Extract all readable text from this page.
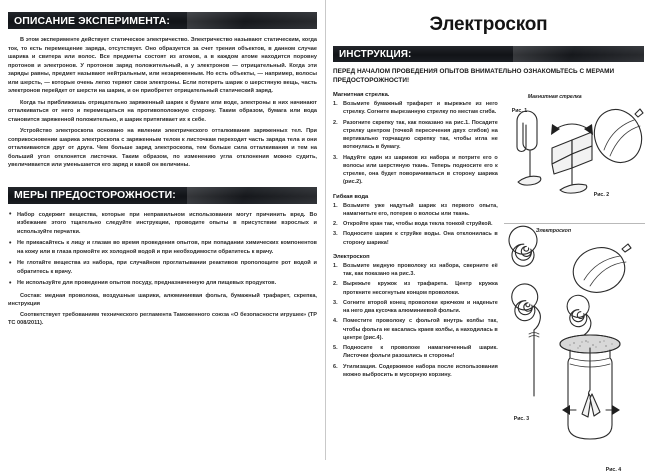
ОПИСАНИЕ ЭКСПЕРИМЕНТА:

В этом эксперименте действует статическое электричество. Электричество называют статическим, когда ток, то есть перемещение заряда, отсутствует. Оно образуется за счет трения объектов, в данном случае шарика и свитера или волос. Все предметы состоят из атомов, а в каждом атоме находится поровну протонов и электронов. У протонов заряд положительный, а у электронов — отрицательный. Когда эти заряды равны, предмет называют нейтральным, или незаряженным. Но есть объекты, — например, волосы или шерсть, — которые очень легко теряют свои электроны. Если потереть шарик о шерстяную вещь, часть электронов перейдет от шерсти на шарик, и он приобретет отрицательный статический заряд.

Когда ты приближаешь отрицательно заряженный шарик к бумаге или воде, электроны в них начинают отталкиваться от него и перемещаться на противоположную сторону. Таким образом, бумага или вода становится заряженной положительно, и шарик притягивает их к себе.

Устройство электроскопа основано на явлении электрического отталкивания заряженных тел. При соприкосновении шарика электроскопа с заряженным телом к листочкам переходит часть заряда тела и они отталкиваются друг от друга. Чем больше заряд электроскопа, тем больше сила отталкивания и тем на больший угол отклонятся листочки. Таким образом, по изменению угла отклонения можно судить, увеличивается или уменьшается его заряд и какой он величины.

МЕРЫ ПРЕДОСТОРОЖНОСТИ:
• Набор содержит вещества, которые при неправильном использовании могут причинить вред. Во избежание этого тщательно следуйте инструкции, проводите опыты в присутствии взрослых и используйте перчатки.
• Не прикасайтесь к лицу и глазам во время проведения опытов, при попадании химических компонентов на кожу или в глаза промойте их холодной водой и при необходимости обратитесь к врачу.
• Не глотайте вещества из набора, при случайном проглатывании реактивов прополощите рот водой и обратитесь к врачу.
• Не используйте для проведения опытов посуду, предназначенную для пищевых продуктов.

Состав: медная проволока, воздушные шарики, алюминиевая фольга, бумажный трафарет, скрепка, инструкция

Соответствует требованиям технического регламента Таможенного союза «О безопасности игрушек» (ТР ТС 008/2011).

Электроскоп
ИНСТРУКЦИЯ:
ПЕРЕД НАЧАЛОМ ПРОВЕДЕНИЯ ОПЫТОВ ВНИМАТЕЛЬНО ОЗНАКОМЬТЕСЬ С МЕРАМИ ПРЕДОСТОРОЖНОСТИ!
Магнитная стрелка.
Возьмите бумажный трафарет и вырежьте из него стрелку. Согните вырезанную стрелку по местам сгиба.
Разогните скрепку так, как показано на рис.1. Посадите стрелку центром (точкой пересечения двух сгибов) на вертикально торчащую скрепку так, чтобы игла не воткнулась в бумагу.
Надуйте один из шариков из набора и потрите его о волосы или шерстяную ткань. Теперь подносите его к стрелке, она будет поворачиваться в сторону шарика (рис.2).
Гибкая вода
Возьмите уже надутый шарик из первого опыта, намагнитьте его, потерев о волосы или ткань.
Откройте кран так, чтобы вода текла тонкой струйкой.
Подносите шарик к струйке воды. Она отклонилась в сторону шарика!
Электроскоп
Возьмите медную проволоку из набора, сверните её так, как показано на рис.3.
Вырежьте кружок из трафарета. Центр кружка проткните несогнутым концом проволоки.
Согните второй конец проволоки крючком и наденьте на него два кусочка алюминиевой фольги.
Поместите проволоку с фольгой внутрь колбы так, чтобы фольга не касалась краев колбы, а находилась в центре (рис.4).
Подносите к проволоке намагниченный шарик. Листочки фольги разошлись в стороны!
Утилизация. Содержимое набора после использования можно выбросить в мусорную корзину.
Магнитная стрелка
Рис. 1
Рис. 2
Электроскоп
Рис. 3
Рис. 4
